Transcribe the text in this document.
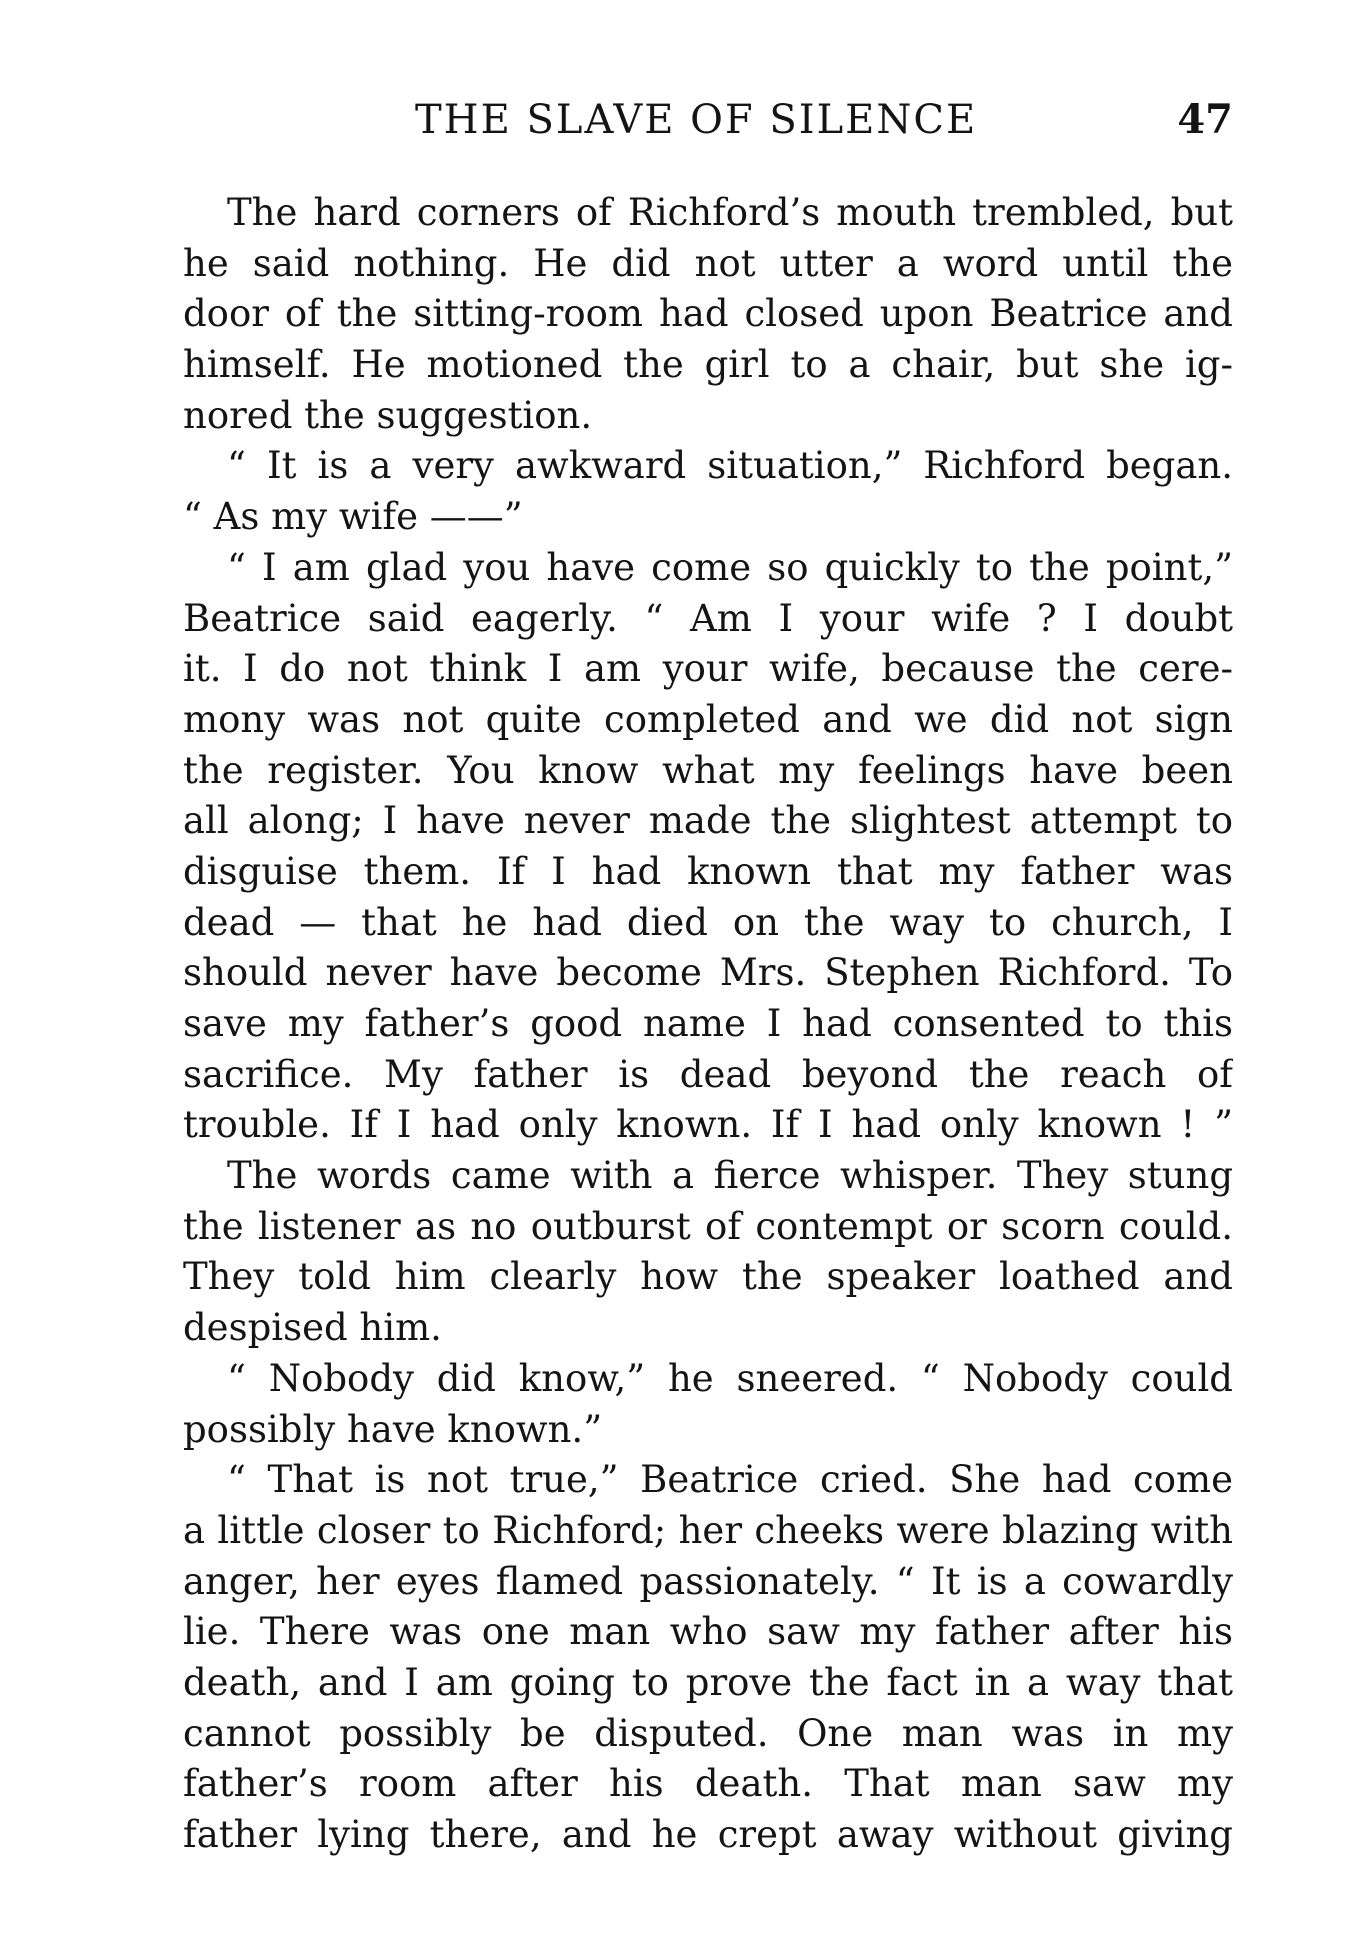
THE SLAVE OF SILENCE	47

The hard corners of Richford’s mouth trembled, but
he said nothing. He did not utter a word until the
door of the sitting-room had closed upon Beatrice and
himself. He motioned the girl to a chair, but she ig-
nored the suggestion.

“ It is a very awkward situation,” Richford began.
“ As my wife ——”

“ I am glad you have come so quickly to the point,”
Beatrice said eagerly. “ Am I your wife ? I doubt
it. I do not think I am your wife, because the cere-
mony was not quite completed and we did not sign
the register. You know what my feelings have been
all along; I have never made the slightest attempt to
disguise them. If I had known that my father was
dead — that he had died on the way to church, I
should never have become Mrs. Stephen Richford. To
save my father’s good name I had consented to this
sacrifice. My father is dead beyond the reach of
trouble. If I had only known. If I had only known ! ”

The words came with a fierce whisper. They stung
the listener as no outburst of contempt or scorn could.
They told him clearly how the speaker loathed and
despised him.

“ Nobody did know,” he sneered. “ Nobody could
possibly have known.”

“ That is not true,” Beatrice cried. She had come
a little closer to Richford; her cheeks were blazing with
anger, her eyes flamed passionately. “ It is a cowardly
lie. There was one man who saw my father after his
death, and I am going to prove the fact in a way that
cannot possibly be disputed. One man was in my
father’s room after his death. That man saw my
father lying there, and he crept away without giving
